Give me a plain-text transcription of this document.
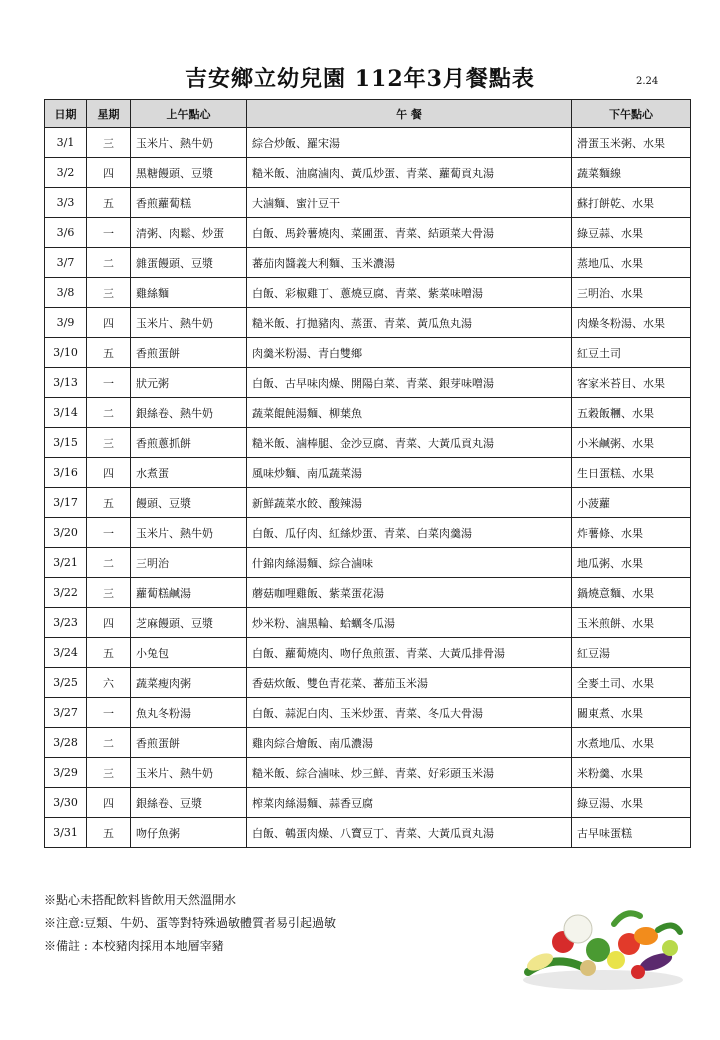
吉安鄉立幼兒園 112年3月餐點表	2.24
日期	星期	上午點心	午 餐	下午點心
3/1	三	玉米片、熱牛奶	綜合炒飯、羅宋湯	滑蛋玉米粥、水果
3/2	四	黑糖饅頭、豆漿	糙米飯、油腐滷肉、黃瓜炒蛋、青菜、蘿蔔貢丸湯	蔬菜麵線
3/3	五	香煎蘿蔔糕	大滷麵、蜜汁豆干	蘇打餅乾、水果
3/6	一	清粥、肉鬆、炒蛋	白飯、馬鈴薯燒肉、菜圃蛋、青菜、結頭菜大骨湯	綠豆蒜、水果
3/7	二	雜蛋饅頭、豆漿	蕃茄肉醬義大利麵、玉米濃湯	蒸地瓜、水果
3/8	三	雞絲麵	白飯、彩椒雞丁、蔥燒豆腐、青菜、紫菜味噌湯	三明治、水果
3/9	四	玉米片、熱牛奶	糙米飯、打拋豬肉、蒸蛋、青菜、黃瓜魚丸湯	肉燥冬粉湯、水果
3/10	五	香煎蛋餅	肉羹米粉湯、青白雙鄉	紅豆土司
3/13	一	狀元粥	白飯、古早味肉燥、開陽白菜、青菜、銀芽味噌湯	客家米苔目、水果
3/14	二	銀絲卷、熱牛奶	蔬菜餛飩湯麵、柳葉魚	五穀飯糰、水果
3/15	三	香煎蔥抓餅	糙米飯、滷棒腿、金沙豆腐、青菜、大黃瓜貢丸湯	小米鹹粥、水果
3/16	四	水煮蛋	風味炒麵、南瓜蔬菜湯	生日蛋糕、水果
3/17	五	饅頭、豆漿	新鮮蔬菜水餃、酸辣湯	小菠蘿
3/20	一	玉米片、熱牛奶	白飯、瓜仔肉、紅絲炒蛋、青菜、白菜肉羹湯	炸薯條、水果
3/21	二	三明治	什錦肉絲湯麵、綜合滷味	地瓜粥、水果
3/22	三	蘿蔔糕鹹湯	蘑菇咖哩雞飯、紫菜蛋花湯	鍋燒意麵、水果
3/23	四	芝麻饅頭、豆漿	炒米粉、滷黑輪、蛤蠣冬瓜湯	玉米煎餅、水果
3/24	五	小兔包	白飯、蘿蔔燒肉、吻仔魚煎蛋、青菜、大黃瓜排骨湯	紅豆湯
3/25	六	蔬菜瘦肉粥	香菇炊飯、雙色青花菜、蕃茄玉米湯	全麥土司、水果
3/27	一	魚丸冬粉湯	白飯、蒜泥白肉、玉米炒蛋、青菜、冬瓜大骨湯	關東煮、水果
3/28	二	香煎蛋餅	雞肉綜合燴飯、南瓜濃湯	水煮地瓜、水果
3/29	三	玉米片、熱牛奶	糙米飯、綜合滷味、炒三鮮、青菜、好彩頭玉米湯	米粉羹、水果
3/30	四	銀絲卷、豆漿	榨菜肉絲湯麵、蒜香豆腐	綠豆湯、水果
3/31	五	吻仔魚粥	白飯、鵪蛋肉燥、八寶豆丁、青菜、大黃瓜貢丸湯	古早味蛋糕
※點心未搭配飲料皆飲用天然溫開水
※注意:豆類、牛奶、蛋等對特殊過敏體質者易引起過敏
※備註 : 本校豬肉採用本地層宰豬
